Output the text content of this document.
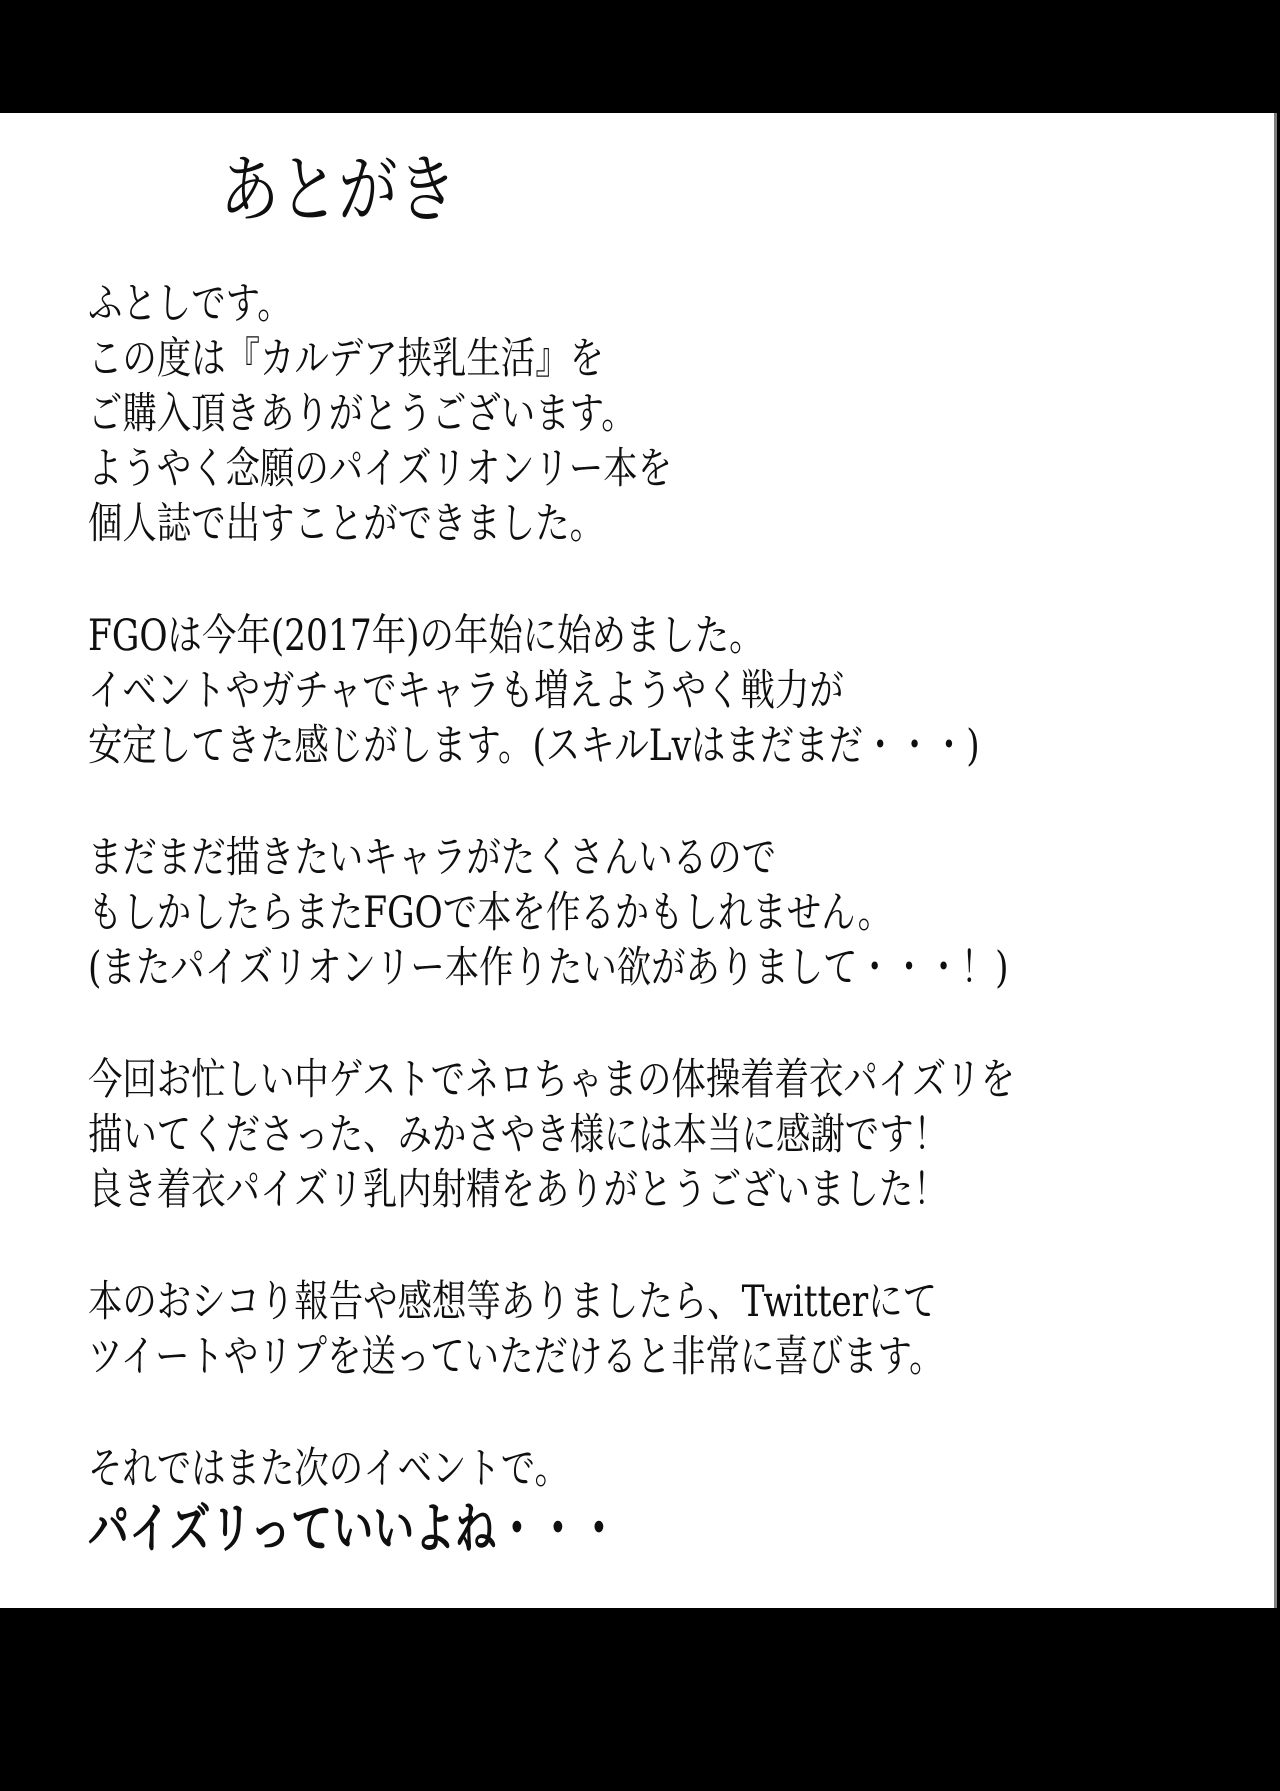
あとがき
ふとしです。
この度は『カルデア挟乳生活』を
ご購入頂きありがとうございます。
ようやく念願のパイズリオンリー本を
個人誌で出すことができました。
FGOは今年(2017年)の年始に始めました。
イベントやガチャでキャラも増えようやく戦力が
安定してきた感じがします。(スキルLvはまだまだ・・・)
まだまだ描きたいキャラがたくさんいるので
もしかしたらまたFGOで本を作るかもしれません。
(またパイズリオンリー本作りたい欲がありまして・・・！)
今回お忙しい中ゲストでネロちゃまの体操着着衣パイズリを
描いてくださった、みかさやき様には本当に感謝です！
良き着衣パイズリ乳内射精をありがとうございました！
本のおシコり報告や感想等ありましたら、Twitterにて
ツイートやリプを送っていただけると非常に喜びます。
それではまた次のイベントで。
パイズリっていいよね・・・
